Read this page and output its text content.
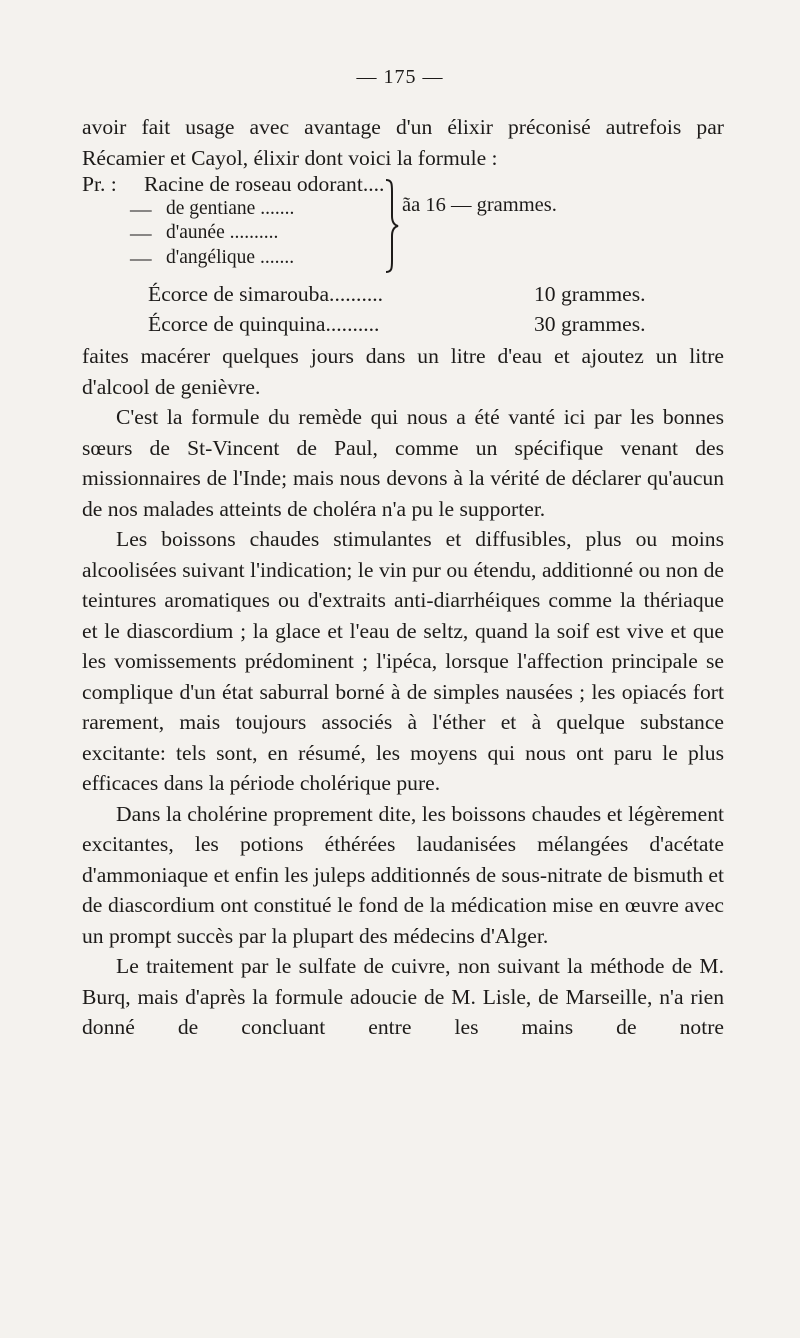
— 175 —

avoir fait usage avec avantage d'un élixir préconisé autrefois par Récamier et Cayol, élixir dont voici la formule :

Pr. : Racine de roseau odorant....
— de gentiane .......
— d'aunée ..........
— d'angélique .......
ãa 16 — grammes.
Écorce de simarouba..........	10 grammes.
Écorce de quinquina..........	30 grammes.

faites macérer quelques jours dans un litre d'eau et ajoutez un litre d'alcool de genièvre.

C'est la formule du remède qui nous a été vanté ici par les bonnes sœurs de St-Vincent de Paul, comme un spécifique venant des missionnaires de l'Inde; mais nous devons à la vérité de déclarer qu'aucun de nos malades atteints de choléra n'a pu le supporter.

Les boissons chaudes stimulantes et diffusibles, plus ou moins alcoolisées suivant l'indication; le vin pur ou étendu, additionné ou non de teintures aromatiques ou d'extraits anti-diarrhéiques comme la thériaque et le diascordium ; la glace et l'eau de seltz, quand la soif est vive et que les vomissements prédominent ; l'ipéca, lorsque l'affection principale se complique d'un état saburral borné à de simples nausées ; les opiacés fort rarement, mais toujours associés à l'éther et à quelque substance excitante: tels sont, en résumé, les moyens qui nous ont paru le plus efficaces dans la période cholérique pure.

Dans la cholérine proprement dite, les boissons chaudes et légèrement excitantes, les potions éthérées laudanisées mélangées d'acétate d'ammoniaque et enfin les juleps additionnés de sous-nitrate de bismuth et de diascordium ont constitué le fond de la médication mise en œuvre avec un prompt succès par la plupart des médecins d'Alger.

Le traitement par le sulfate de cuivre, non suivant la méthode de M. Burq, mais d'après la formule adoucie de M. Lisle, de Marseille, n'a rien donné de concluant entre les mains de notre
